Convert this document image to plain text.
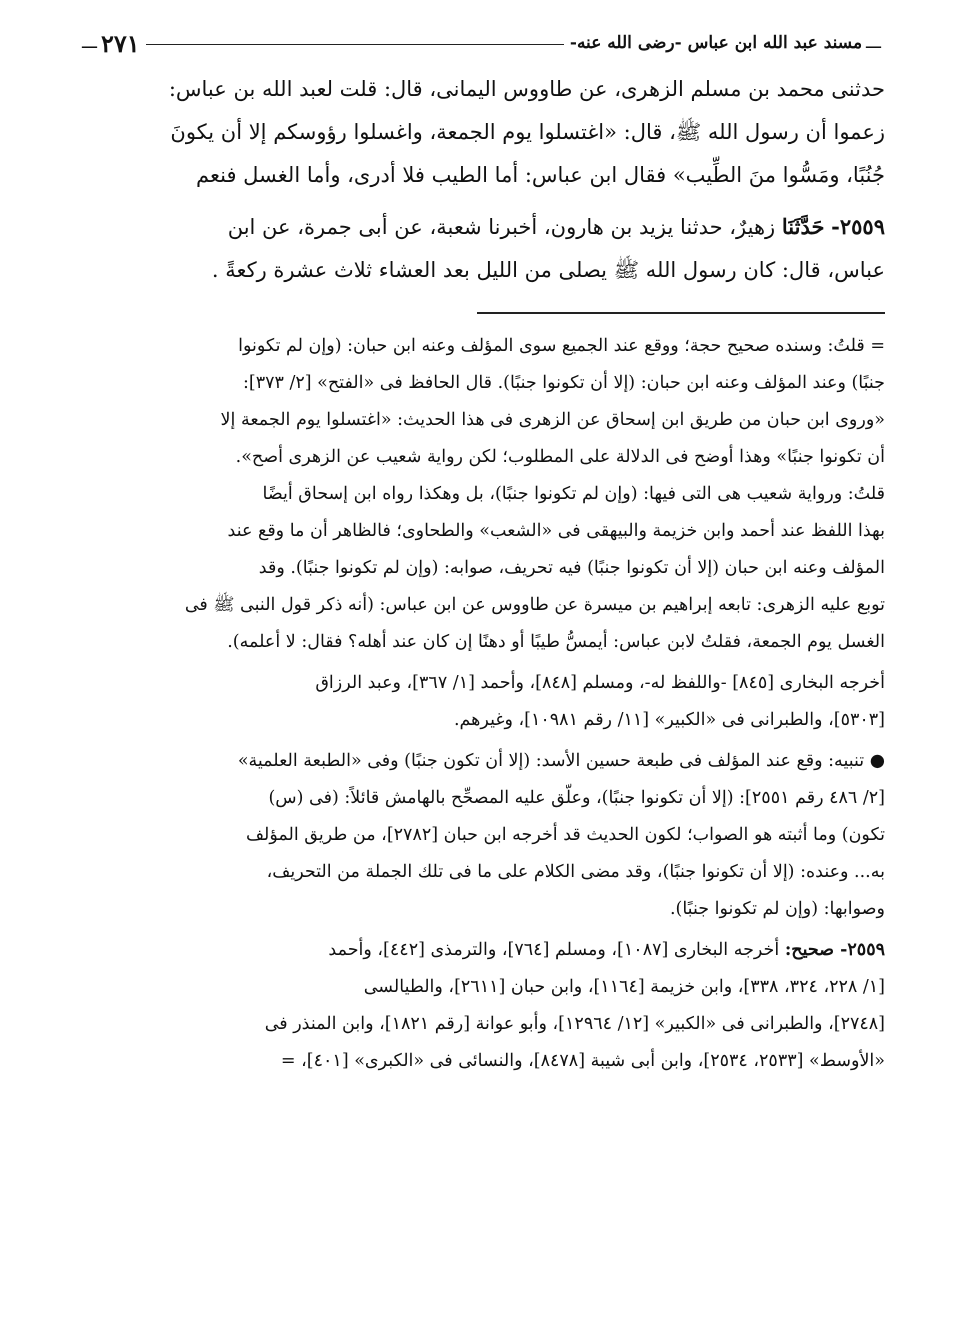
ـــ
مسند عبد الله ابن عباس -رضى الله عنه-
٢٧١
ـــ

حدثنى محمد بن مسلم الزهرى، عن طاووس اليمانى، قال: قلت لعبد الله بن عباس:

زعموا أن رسول الله ﷺ، قال: «اغتسلوا يوم الجمعة، واغسلوا رؤوسكم إلا أن يكونَ

جُنُبًا، ومَسُّوا منَ الطِّيب» فقال ابن عباس: أما الطيب فلا أدرى، وأما الغسل فنعم

٢٥٥٩- حَدَّثَنَا زهيرٌ، حدثنا يزيد بن هارون، أخبرنا شعبة، عن أبى جمرة، عن ابن

عباس، قال: كان رسول الله ﷺ يصلى من الليل بعد العشاء ثلاث عشرة ركعةً .

= قلتُ: وسنده صحيح حجة؛ ووقع عند الجميع سوى المؤلف وعنه ابن حبان: (وإن لم تكونوا

جنبًا) وعند المؤلف وعنه ابن حبان: (إلا أن تكونوا جنبًا). قال الحافظ فى «الفتح» [٢/ ٣٧٣]:

«وروى ابن حبان من طريق ابن إسحاق عن الزهرى فى هذا الحديث: «اغتسلوا يوم الجمعة إلا

أن تكونوا جنبًا» وهذا أوضح فى الدلالة على المطلوب؛ لكن رواية شعيب عن الزهرى أصح».

قلتُ: ورواية شعيب هى التى فيها: (وإن لم تكونوا جنبًا)، بل وهكذا رواه ابن إسحاق أيضًا

بهذا اللفظ عند أحمد وابن خزيمة والبيهقى فى «الشعب» والطحاوى؛ فالظاهر أن ما وقع عند

المؤلف وعنه ابن حبان (إلا أن تكونوا جنبًا) فيه تحريف، صوابه: (وإن لم تكونوا جنبًا). وقد

توبع عليه الزهرى: تابعه إبراهيم بن ميسرة عن طاووس عن ابن عباس: (أنه ذكر قول النبى ﷺ فى

الغسل يوم الجمعة، فقلتُ لابن عباس: أيمسُّ طيبًا أو دهنًا إن كان عند أهله؟ فقال: لا أعلمه).

أخرجه البخارى [٨٤٥] -واللفظ له-، ومسلم [٨٤٨]، وأحمد [١/ ٣٦٧]، وعبد الرزاق

[٥٣٠٣]، والطبرانى فى «الكبير» [١١/ رقم ١٠٩٨١]، وغيرهم.

● تنبيه: وقع عند المؤلف فى طبعة حسين الأسد: (إلا أن تكون جنبًا) وفى «الطبعة العلمية»

[٢/ ٤٨٦ رقم ٢٥٥١]: (إلا أن تكونوا جنبًا)، وعلّق عليه المصحِّح بالهامش قائلاً: (فى (س)

تكون) وما أثبته هو الصواب؛ لكون الحديث قد أخرجه ابن حبان [٢٧٨٢]، من طريق المؤلف

به... وعنده: (إلا أن تكونوا جنبًا)، وقد مضى الكلام على ما فى تلك الجملة من التحريف،

وصوابها: (وإن لم تكونوا جنبًا).

٢٥٥٩- صحيح: أخرجه البخارى [١٠٨٧]، ومسلم [٧٦٤]، والترمذى [٤٤٢]، وأحمد

[١/ ٢٢٨، ٣٢٤، ٣٣٨]، وابن خزيمة [١١٦٤]، وابن حبان [٢٦١١]، والطيالسى

[٢٧٤٨]، والطبرانى فى «الكبير» [١٢/ ١٢٩٦٤]، وأبو عوانة [رقم ١٨٢١]، وابن المنذر فى

«الأوسط» [٢٥٣٣، ٢٥٣٤]، وابن أبى شيبة [٨٤٧٨]، والنسائى فى «الكبرى» [٤٠١]، =
